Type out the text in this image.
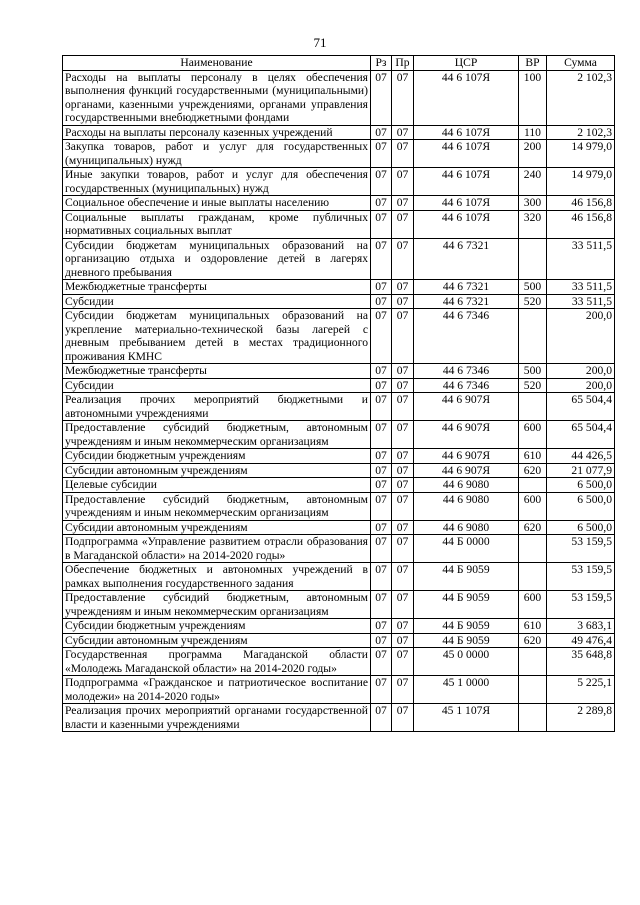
71
Наименование	Рз	Пр	ЦСР	ВР	Сумма
Расходы на выплаты персоналу в целях обеспечения выполнения функций государственными (муниципальными) органами, казенными учреждениями, органами управления государственными внебюджетными фондами	07	07	44 6 107Я	100	2 102,3
Расходы на выплаты персоналу казенных учреждений	07	07	44 6 107Я	110	2 102,3
Закупка товаров, работ и услуг для государственных (муниципальных) нужд	07	07	44 6 107Я	200	14 979,0
Иные закупки товаров, работ и услуг для обеспечения государственных (муниципальных) нужд	07	07	44 6 107Я	240	14 979,0
Социальное обеспечение и иные выплаты населению	07	07	44 6 107Я	300	46 156,8
Социальные выплаты гражданам, кроме публичных нормативных социальных выплат	07	07	44 6 107Я	320	46 156,8
Субсидии бюджетам муниципальных образований на организацию отдыха и оздоровление детей в лагерях дневного пребывания	07	07	44 6 7321		33 511,5
Межбюджетные трансферты	07	07	44 6 7321	500	33 511,5
Субсидии	07	07	44 6 7321	520	33 511,5
Субсидии бюджетам муниципальных образований на укрепление материально-технической базы лагерей с дневным пребыванием детей в местах традиционного проживания КМНС	07	07	44 6 7346		200,0
Межбюджетные трансферты	07	07	44 6 7346	500	200,0
Субсидии	07	07	44 6 7346	520	200,0
Реализация прочих мероприятий бюджетными и автономными учреждениями	07	07	44 6 907Я		65 504,4
Предоставление субсидий бюджетным, автономным учреждениям и иным некоммерческим организациям	07	07	44 6 907Я	600	65 504,4
Субсидии бюджетным учреждениям	07	07	44 6 907Я	610	44 426,5
Субсидии автономным учреждениям	07	07	44 6 907Я	620	21 077,9
Целевые субсидии	07	07	44 6 9080		6 500,0
Предоставление субсидий бюджетным, автономным учреждениям и иным некоммерческим организациям	07	07	44 6 9080	600	6 500,0
Субсидии автономным учреждениям	07	07	44 6 9080	620	6 500,0
Подпрограмма «Управление развитием отрасли образования в Магаданской области» на 2014-2020 годы»	07	07	44 Б 0000		53 159,5
Обеспечение бюджетных и автономных учреждений в рамках выполнения государственного задания	07	07	44 Б 9059		53 159,5
Предоставление субсидий бюджетным, автономным учреждениям и иным некоммерческим организациям	07	07	44 Б 9059	600	53 159,5
Субсидии бюджетным учреждениям	07	07	44 Б 9059	610	3 683,1
Субсидии автономным учреждениям	07	07	44 Б 9059	620	49 476,4
Государственная программа Магаданской области «Молодежь Магаданской области» на 2014-2020 годы»	07	07	45 0 0000		35 648,8
Подпрограмма «Гражданское и патриотическое воспитание молодежи» на 2014-2020 годы»	07	07	45 1 0000		5 225,1
Реализация прочих мероприятий органами государственной власти и казенными учреждениями	07	07	45 1 107Я		2 289,8
